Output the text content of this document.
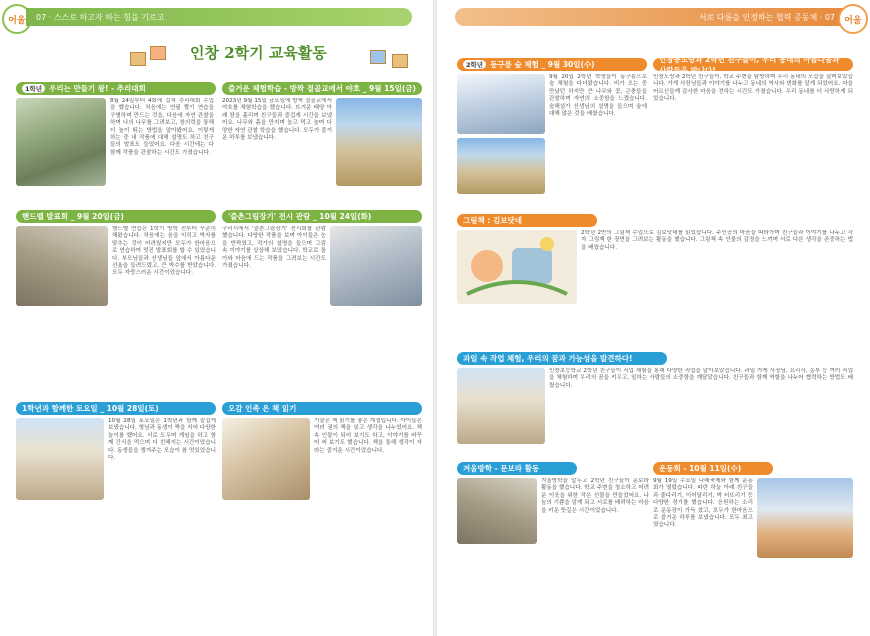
어울	07 · 스스로 하고자 하는 힘을 기르고
인창 2학기 교육활동
1학년 우리는 만들기 왕! - 추리대회
8월 24일부터 4회에 걸쳐 추리대회 수업을 했습니다. 처음에는 연필 짤기 연습을 구별하며 만드는 것을, 다음에 자연 관찰을 하며 나의 나무를 그려보고, 창의력을 통해 더 높이 뛰는 방법을 알아봤어요. 이렇게 하는 중 내 작품에 대해 설명도 하고 친구들의 발표도 들었어요. 다음 시간에는 다 함께 작품을 관찰하는 시간도 가졌습니다.
즐거운 체험학습 - 방짝 절골교에서 야호 _ 9월 15일(금)
2023년 9월 15일 금요일에 방짝 절골교에서 야호를 체험학습을 했습니다. 뜨거운 태양 아래 땀을 흘리며 친구들과 즐겁게 시간을 보냈어요. 나무와 흙을 만지며 놀고 먹고 놀며 다양한 자연 관찰 학습을 했습니다. 모두가 즐거운 하루를 보냈습니다.
핸드벨 발표회 _ 9월 20일(금)
핸드벨 연습은 1학기 방학 전부터 꾸준히 해왔습니다. 처음에는 음을 익히고 박자를 맞추는 것이 어려웠지만 모두가 한마음으로 연습하여 멋진 발표회를 할 수 있었습니다. 부모님들과 선생님들 앞에서 아름다운 선율을 들려드렸고, 큰 박수를 받았습니다. 모두 자랑스러운 시간이었습니다.
'즐촌그림장기' 전시 관람 _ 10월 24일(화)
구리시에서 '즐촌그림장기' 전시회를 관람했습니다. 다양한 작품을 보며 아이들은 눈을 반짝였고, 작가의 설명을 들으며 그림 속 이야기를 상상해 보았습니다. 학교로 돌아와 마음에 드는 작품을 그려보는 시간도 가졌습니다.
1학년과 함께한 토요일 _ 10월 28일(토)
10월 28일 토요일은 1학년과 함께 즐겁게 보냈습니다. 형님과 동생이 짝을 지어 다양한 놀이를 했어요. 서로 도우며 게임을 하고 함께 간식을 먹으며 더 친해지는 시간이었습니다. 동생들을 챙겨주는 모습이 참 멋있었습니다.
오감 인족 온 책 읽기
기술은 책 읽기를 좋은 계절입니다. 아이들은 여러 권의 책을 읽고 생각을 나누었어요. 책 속 인물이 되어 보기도 하고, 이야기를 바꾸어 써 보기도 했습니다. 책을 통해 생각이 자라는 즐거운 시간이었습니다.
서로 다름을 인정하는 협력 공동체 · 07	어울
2학년 동구릉 숲 체험 _ 9월 30일(수)
9월 20일 2학년 학생들이 동구릉으로 숲 체험을 다녀왔습니다. 비가 오는 중 만났던 하지만 큰 나무와 꽃, 곤충들을 관찰하며 자연의 소중함을 느꼈습니다. 숲해설가 선생님의 설명을 들으며 숲에 대해 많은 것을 배웠습니다.
인창동도랑과 2학년 친구들이, 우리 동네의 아름다움과 사람들을 만나다!
인창도랑과 2학년 친구들이, 학교 주변을 탐방하며 우리 동네의 모습을 살펴보았습니다. 가게 사장님들과 이야기를 나누고 동네의 역사와 변화를 알게 되었어요. 마을 어르신들께 감사한 마음을 전하는 시간도 가졌습니다. 우리 동네를 더 사랑하게 되었습니다.
그림책 : 김보닷네
2학년 2반의 그림책 수업으로 김보닷네를 읽었습니다. 주인공의 마음을 따라가며 친구들과 이야기를 나누고 각자 그림책 한 장면을 그려보는 활동을 했습니다. 그림책 속 인물의 감정을 느끼며 서로 다른 생각을 존중하는 법을 배웠습니다.
과일 속 작업 체험, 우리의 꿈과 가능성을 발견하다!
인창초등학교 2학년 친구들이 직업 체험을 통해 다양한 직업을 알아보았습니다. 과일 가게 사장님, 요리사, 농부 등 여러 직업을 체험하며 우리의 꿈을 키우고, 일하는 사람들의 소중함을 깨달았습니다. 친구들과 함께 역할을 나누어 협력하는 방법도 배웠습니다.
겨울방학 - 문보라 활동
겨울방학을 앞두고 2학년 친구들이 문보라 활동을 했습니다. 학교 주변을 청소하고 어려운 이웃을 위한 작은 선물을 만들었어요. 나눔의 기쁨을 알게 되고 서로를 배려하는 마음을 키운 뜻깊은 시간이었습니다.
운동회 - 10월 11일(수)
9월 19일 수요일 나래축제와 함께 운동회가 열렸습니다. 파란 하늘 아래 친구들과 줄다리기, 이어달리기, 박 터뜨리기 등 다양한 경기를 했습니다. 응원하는 소리로 운동장이 가득 찼고, 모두가 한마음으로 즐거운 하루를 보냈습니다. 모두 최고였습니다.
